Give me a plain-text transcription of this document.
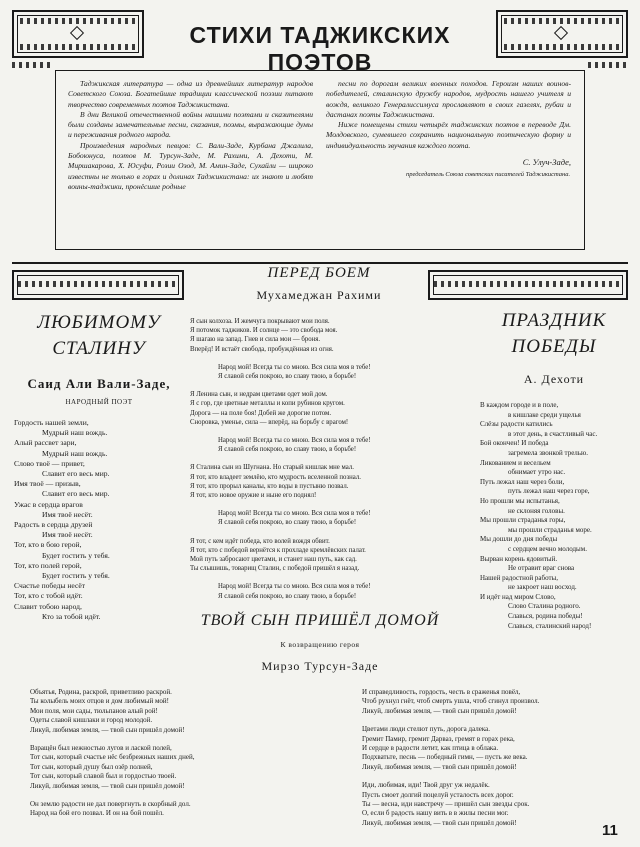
СТИХИ ТАДЖИКСКИХ ПОЭТОВ

Таджикская литература — одна из древнейших литератур народов Советского Союза. Богатейшие традиции классической поэзии питают творчество современных поэтов Таджикистана.

В дни Великой отечественной войны нашими поэтами и сказителями были созданы замечательные песни, сказания, поэмы, выражающие думы и переживания родного народа.

Произведения народных певцов: С. Вали-Заде, Курбана Джалила, Бобоюнуса, поэтов М. Турсун-Заде, М. Рахими, А. Дехоти, М. Миршакарова, Х. Юсуфи, Розии Озод, М. Амин-Заде, Сухайли — широко известны не только в горах и долинах Таджикистана: их знают и любят воины-таджики, пронёсшие родные

песни по дорогам великих военных походов. Героизм наших воинов-победителей, сталинскую дружбу народов, мудрость нашего учителя и вождя, великого Генералиссимуса прославляют в своих газелях, рубаи и дастанах поэты Таджикистана.

Ниже помещены стихи четырёх таджикских поэтов в переводе Дм. Молдовского, сумевшего сохранить национальную поэтическую форму и индивидуальность звучания каждого поэта.

С. Улуч-Заде,
председатель Союза советских писателей Таджикистана.
ЛЮБИМОМУ
СТАЛИНУ
Саид Али Вали-Заде,
НАРОДНЫЙ ПОЭТ
Гордость нашей земли,
Мудрый наш вождь.
Алый рассвет зари,
Мудрый наш вождь.
Слово твоё — привет,
Славит его весь мир.
Имя твоё — призыв,
Славит его весь мир.
Ужас в сердца врагов
Имя твоё несёт.
Радость в сердца друзей
Имя твоё несёт.
Тот, кто в бою герой,
Будет гостить у тебя.
Тот, кто полей герой,
Будет гостить у тебя.
Счастье победы несёт
Тот, кто с тобой идёт.
Славит тобою народ,
Кто за тобой идёт.
ПЕРЕД БОЕМ
Мухамеджан Рахими
Я сын колхоза. И жемчуга покрывают мои поля.
Я потомок таджиков. И солнце — это свобода моя.
Я шагаю на запад. Гнев и сила мои — броня.
Вперёд! И встаёт свобода, пробуждённая из огня.
Народ мой! Всегда ты со мною. Вся сила моя в тебе!
Я славой себя покрою, во славу твою, в борьбе!
Я Ленина сын, и недрам цветами одет мой дом.
Я с гор, где цветные металлы и копи рубинов кругом.
Дорога — на поле боя! Добей же дорогие потом.
Сноровка, уменье, сила — вперёд, на борьбу с врагом!
Народ мой! Всегда ты со мною. Вся сила моя в тебе!
Я славой себя покрою, во славу твою, в борьбе!
Я Сталина сын из Шугнана. Но старый кишлак мне мал.
Я тот, кто владеет землёю, кто мудрость вселенной познал.
Я тот, кто прорыл каналы, кто воды в пустыню позвал.
Я тот, кто новое оружие и ныне его поднял!
Народ мой! Всегда ты со мною. Вся сила моя в тебе!
Я славой себя покрою, во славу твою, в борьбе!
Я тот, с кем идёт победа, кто волей вождя обвит.
Я тот, кто с победой вернётся к прохладе кремлёвских палат.
Мой путь забросают цветами, и станет наш путь, как сад.
Ты слышишь, товарищ Сталин, с победой пришёл я назад.
Народ мой! Всегда ты со мною. Вся сила моя в тебе!
Я славой себя покрою, во славу твою, в борьбе!
ПРАЗДНИК
ПОБЕДЫ
А. Дехоти
В каждом городе и в поле,
в кишлаке среди ущелья
Слёзы радости катились
в этот день, в счастливый час.
Бой окончен! И победа
загремела звонкой трелью.
Ликованием и весельем
обнимает утро нас.
Путь лежал наш через боли,
путь лежал наш через горе,
Но прошли мы испытанья,
не склоняя головы.
Мы прошли страданья горы,
мы прошли страданья море.
Мы дошли до дня победы
с сердцем вечно молодым.
Вырван корень ядовитый.
Не отравит враг снова
Нашей радостной работы,
не закроет наш восход.
И идёт над миром Слово,
Слово Сталина родного.
Славься, родина победы!
Славься, сталинский народ!
ТВОЙ СЫН ПРИШЁЛ ДОМОЙ
К возвращению героя
Мирзо Турсун-Заде
Объятья, Родина, раскрой, приветливо раскрой.
Ты колыбель моих отцов и дом любимый мой!
Мои поля, мои сады, тюльпанов алый рой!
Одеты славой кишлаки и город молодой.
Ликуй, любимая земля, — твой сын пришёл домой!
Взращён был нежностью лугов и лаской полей,
Тот сын, который счастье нёс безбрежных наших дней,
Тот сын, который душу был озёр полней,
Тот сын, который славой был и гордостью твоей.
Ликуй, любимая земля, — твой сын пришёл домой!
Он землю радости не дал повергнуть в скорбный дол.
Народ на бой его позвал. И он на бой пошёл.
И справедливость, гордость, честь в сраженья повёл,
Чтоб рухнул гнёт, чтоб смерть ушла, чтоб сгинул произвол.
Ликуй, любимая земля, — твой сын пришёл домой!
Цветами люди стелют путь, дорога далека.
Гремит Памир, гремит Дарваз, гремят в горах река,
И сердце в радости летит, как птица в облака.
Подхватьте, песнь — победный гимн, — пусть же века.
Ликуй, любимая земля, — твой сын пришёл домой!
Иди, любимая, иди! Твой друг уж недалёк.
Пусть смоет долгий поцелуй усталость всех дорог.
Ты — весна, иди навстречу — пришёл сын звезды срок.
О, если б радость нашу вить в в жилы песни мог.
Ликуй, любимая земля, — твой сын пришёл домой!	11
